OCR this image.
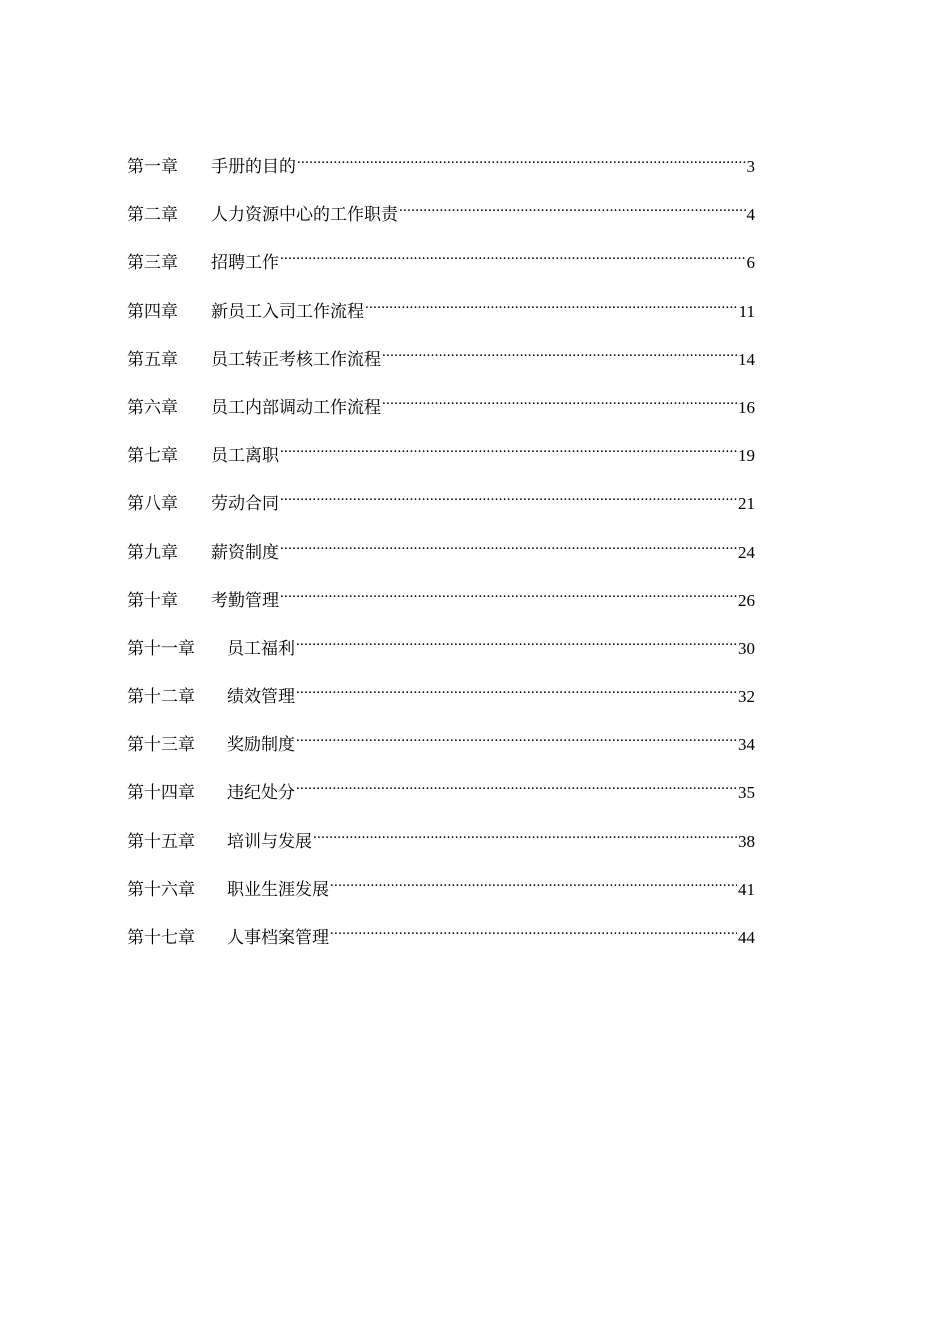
第一章	手册的目的 .....	3
第二章	人力资源中心的工作职责 .....	4
第三章	招聘工作 .....	6
第四章	新员工入司工作流程 .....	11
第五章	员工转正考核工作流程 .....	14
第六章	员工内部调动工作流程 .....	16
第七章	员工离职 .....	19
第八章	劳动合同 .....	21
第九章	薪资制度 .....	24
第十章	考勤管理 .....	26
第十一章	员工福利 .....	30
第十二章	绩效管理 .....	32
第十三章	奖励制度 .....	34
第十四章	违纪处分 .....	35
第十五章	培训与发展 .....	38
第十六章	职业生涯发展 .....	41
第十七章	人事档案管理 .....	44
